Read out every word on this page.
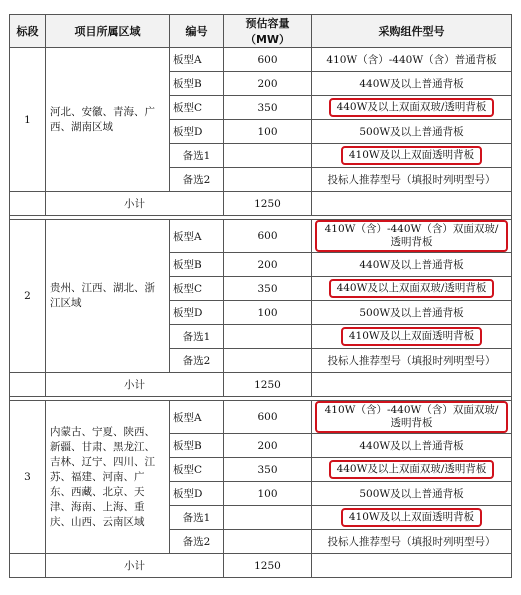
标段	项目所属区域	编号	预估容量（MW）	采购组件型号
1	河北、安徽、青海、广西、湖南区域	板型A	600	410W（含）-440W（含）普通背板
		板型B	200	440W及以上普通背板
		板型C	350	440W及以上双面双玻/透明背板
		板型D	100	500W及以上普通背板
		备选1		410W及以上双面透明背板
		备选2		投标人推荐型号（填报时列明型号）
	小计		1250	

2	贵州、江西、湖北、浙江区域	板型A	600	410W（含）-440W（含）双面双玻/透明背板

		板型B	200	440W及以上普通背板
		板型C	350	440W及以上双面双玻/透明背板
		板型D	100	500W及以上普通背板
		备选1		410W及以上双面透明背板
		备选2		投标人推荐型号（填报时列明型号）
	小计		1250	

3	内蒙古、宁夏、陕西、新疆、甘肃、黑龙江、吉林、辽宁、四川、江苏、福建、河南、广东、西藏、北京、天津、海南、上海、重庆、山西、云南区域	板型A	600	410W（含）-440W（含）双面双玻/透明背板

		板型B	200	440W及以上普通背板
		板型C	350	440W及以上双面双玻/透明背板
		板型D	100	500W及以上普通背板
		备选1		410W及以上双面透明背板
		备选2		投标人推荐型号（填报时列明型号）
	小计		1250	
